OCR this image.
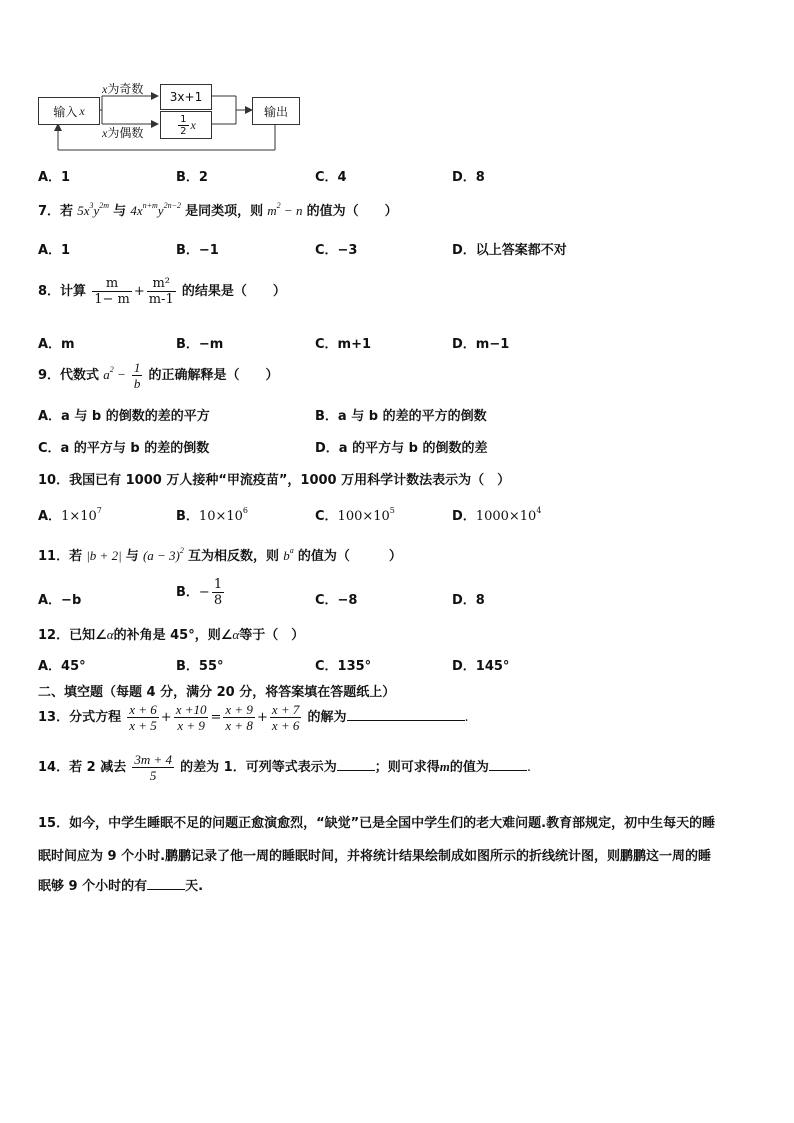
输入 x
x为奇数
3x+1
$\frac{1}{2}$ x
x为偶数
输出
A．1	B．2	C．4	D．8
7．若 $5x^3y^{2m}$ 与 $4x^{n+m}y^{2n-2}$ 是同类项，则 $m^2 - n$ 的值为（　　）
A．1	B．−1	C．−3	D．以上答案都不对
8．计算 $\frac{m}{1- m} + \frac{\text{m²}}{m-1}$ 的结果是（　　）
A．m	B．−m	C．m+1	D．m−1
9．代数式 $a^2 - \frac{1}{b}$ 的正确解释是（　　）
A．a 与 b 的倒数的差的平方	B．a 与 b 的差的平方的倒数
C．a 的平方与 b 的差的倒数	D．a 的平方与 b 的倒数的差
10．我国已有 1000 万人接种“甲流疫苗”，1000 万用科学计数法表示为（　）
A．$1\times 10^7$	B．$10\times 10^6$	C．$100\times 10^5$	D．$1000\times 10^4$
11．若 |b + 2| 与 $(a - 3)^2$ 互为相反数，则 $b^a$ 的值为（　　　）
A．−b
B．− $\frac{1}{8}$	C．−8	D．8
12．已知∠α的补角是 45°，则∠α等于（　）
A．45°	B．55°	C．135°	D．145°
二、填空题（每题 4 分，满分 20 分，将答案填在答题纸上）
13．分式方程 $\frac{x + 6}{x + 5} + \frac{x +10}{x + 9} = \frac{x + 9}{x + 8} + \frac{x + 7}{x + 6}$ 的解为	.
14．若 2 减去 $\frac{3m + 4}{5}$ 的差为 1．可列等式表示为	；则可求得m的值为	.
15．如今，中学生睡眠不足的问题正愈演愈烈，“缺觉”已是全国中学生们的老大难问题.教育部规定，初中生每天的睡
眠时间应为 9 个小时.鹏鹏记录了他一周的睡眠时间，并将统计结果绘制成如图所示的折线统计图，则鹏鹏这一周的睡
眠够 9 个小时的有	天.
